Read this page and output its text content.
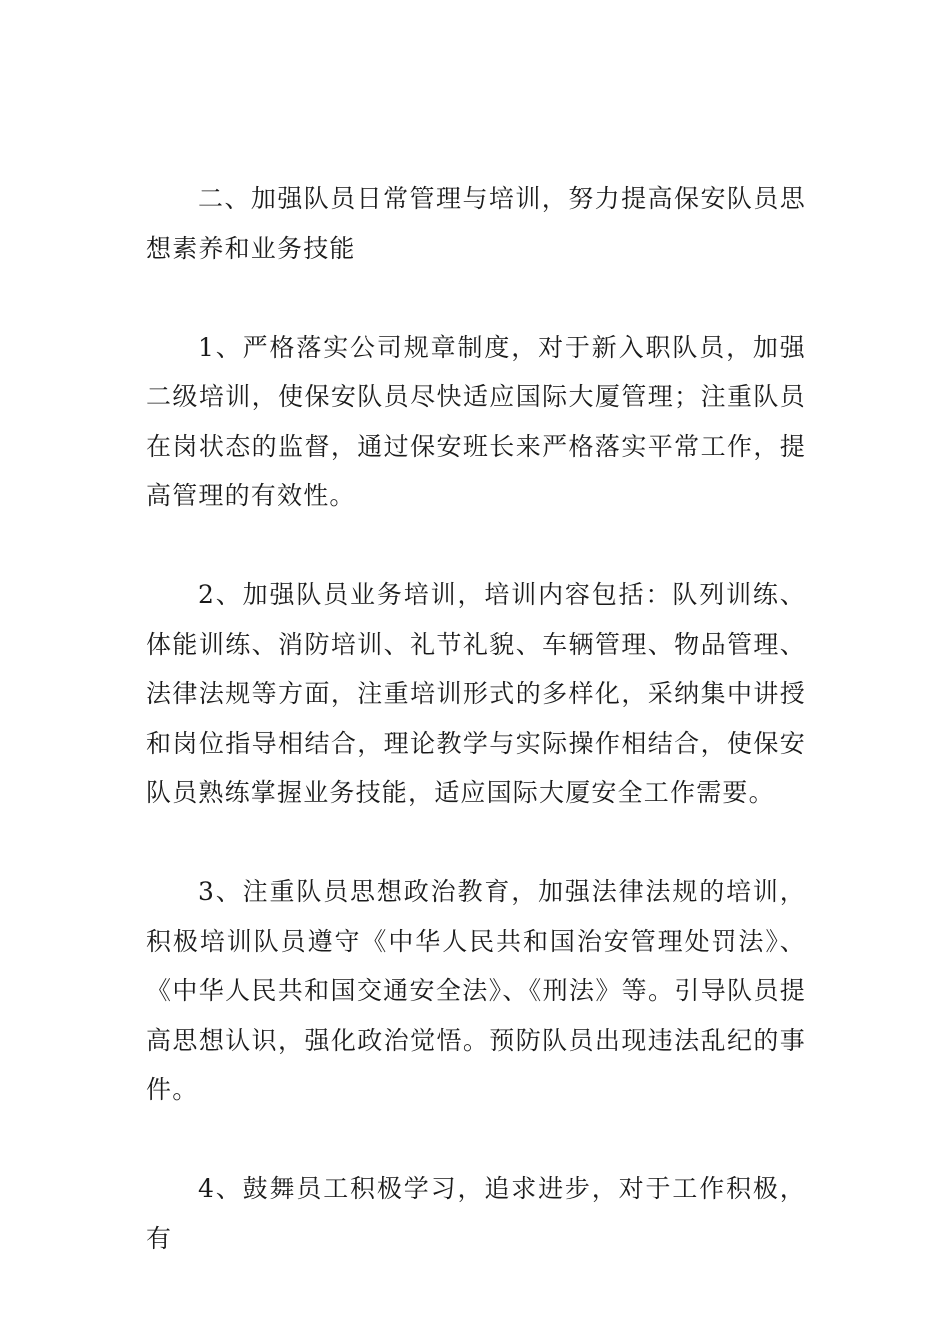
二、加强队员日常管理与培训，努力提高保安队员思想素养和业务技能

1、严格落实公司规章制度，对于新入职队员，加强二级培训，使保安队员尽快适应国际大厦管理；注重队员在岗状态的监督，通过保安班长来严格落实平常工作，提高管理的有效性。

2、加强队员业务培训，培训内容包括：队列训练、体能训练、消防培训、礼节礼貌、车辆管理、物品管理、法律法规等方面，注重培训形式的多样化，采纳集中讲授和岗位指导相结合，理论教学与实际操作相结合，使保安队员熟练掌握业务技能，适应国际大厦安全工作需要。

3、注重队员思想政治教育，加强法律法规的培训，积极培训队员遵守《中华人民共和国治安管理处罚法》、《中华人民共和国交通安全法》、《刑法》等。引导队员提高思想认识，强化政治觉悟。预防队员出现违法乱纪的事件。

4、鼓舞员工积极学习，追求进步，对于工作积极，有
